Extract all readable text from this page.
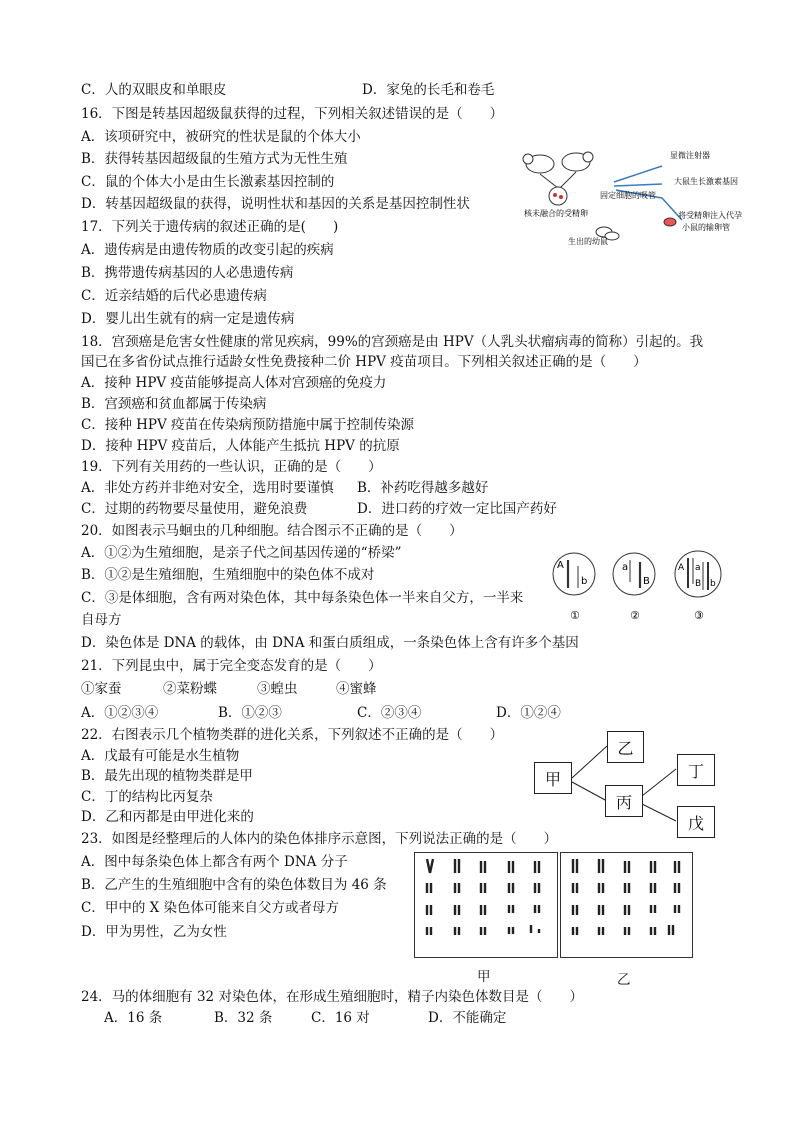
C．人的双眼皮和单眼皮	D．家兔的长毛和卷毛
16．下图是转基因超级鼠获得的过程，下列相关叙述错误的是（　　）
A．该项研究中，被研究的性状是鼠的个体大小
B．获得转基因超级鼠的生殖方式为无性生殖
C．鼠的个体大小是由生长激素基因控制的
D．转基因超级鼠的获得，说明性状和基因的关系是基因控制性状
核未融合的受精卵
显微注射器
大鼠生长激素基因
固定细胞的吸管
将受精卵注入代孕
小鼠的输卵管
生出的幼鼠
17．下列关于遗传病的叙述正确的是(　　)
A．遗传病是由遗传物质的改变引起的疾病
B．携带遗传病基因的人必患遗传病
C．近亲结婚的后代必患遗传病
D．婴儿出生就有的病一定是遗传病
18．宫颈癌是危害女性健康的常见疾病，99%的宫颈癌是由 HPV（人乳头状瘤病毒的简称）引起的。我
国已在多省份试点推行适龄女性免费接种二价 HPV 疫苗项目。下列相关叙述正确的是（　　）
A．接种 HPV 疫苗能够提高人体对宫颈癌的免疫力
B．宫颈癌和贫血都属于传染病
C．接种 HPV 疫苗在传染病预防措施中属于控制传染源
D．接种 HPV 疫苗后，人体能产生抵抗 HPV 的抗原
19．下列有关用药的一些认识，正确的是（　　）
A．非处方药并非绝对安全，选用时要谨慎 B．补药吃得越多越好
C．过期的药物要尽量使用，避免浪费	D．进口药的疗效一定比国产药好
20．如图表示马蛔虫的几种细胞。结合图示不正确的是（　　）
A．①②为生殖细胞，是亲子代之间基因传递的“桥梁”
B．①②是生殖细胞，生殖细胞中的染色体不成对
C．③是体细胞，含有两对染色体，其中每条染色体一半来自父方，一半来
自母方
D．染色体是 DNA 的载体，由 DNA 和蛋白质组成，一条染色体上含有许多个基因
A
b
①
a
B
②
A a
B b
③
21．下列昆虫中，属于完全变态发育的是（　　）
①家蚕	②菜粉蝶	③蝗虫	④蜜蜂
A．①②③④	B．①②③	C．②③④	D．①②④
22．右图表示几个植物类群的进化关系，下列叙述不正确的是（　　）
A．戊最有可能是水生植物
B．最先出现的植物类群是甲
C．丁的结构比丙复杂
D．乙和丙都是由甲进化来的
甲
乙
丙
丁
戊
23．如图是经整理后的人体内的染色体排序示意图，下列说法正确的是（　　）
A．图中每条染色体上都含有两个 DNA 分子
B．乙产生的生殖细胞中含有的染色体数目为 46 条
C．甲中的 X 染色体可能来自父方或者母方
D．甲为男性，乙为女性
甲	乙
24．马的体细胞有 32 对染色体，在形成生殖细胞时，精子内染色体数目是（　　）
A．16 条	B．32 条	C．16 对	D．不能确定
